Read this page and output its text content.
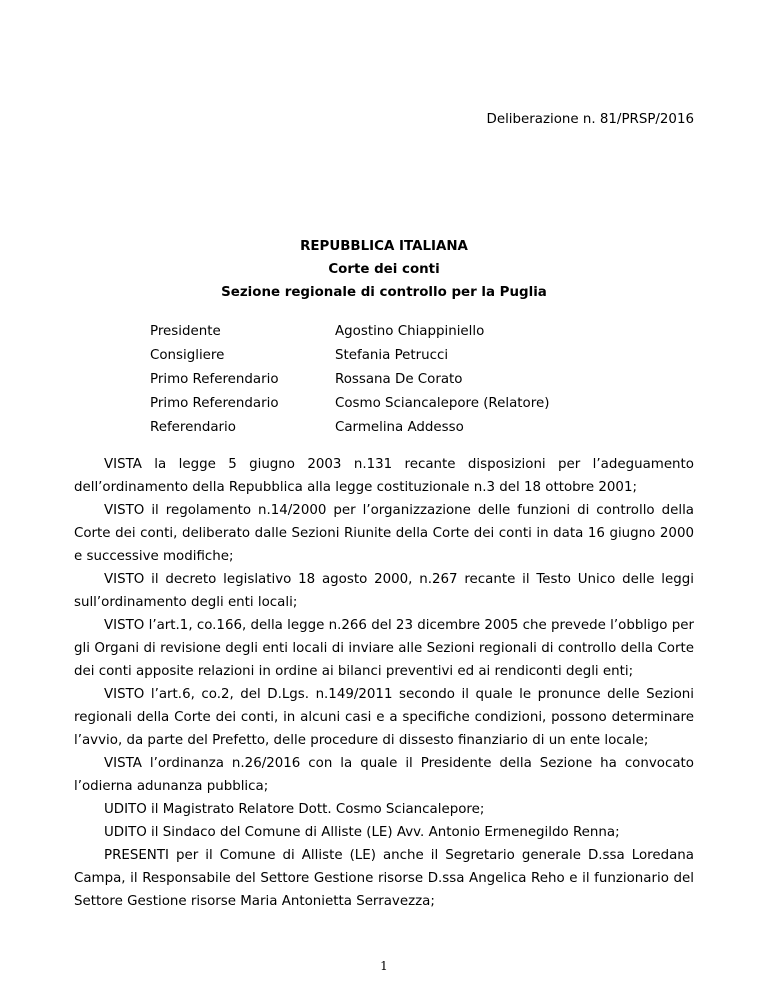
Deliberazione n. 81/PRSP/2016
REPUBBLICA ITALIANA
Corte dei conti
Sezione regionale di controllo per la Puglia
Presidente	Agostino Chiappiniello
Consigliere	Stefania Petrucci
Primo Referendario	Rossana De Corato
Primo Referendario	Cosmo Sciancalepore (Relatore)
Referendario	Carmelina Addesso

VISTA la legge 5 giugno 2003 n.131 recante disposizioni per l’adeguamento dell’ordinamento della Repubblica alla legge costituzionale n.3 del 18 ottobre 2001;

VISTO il regolamento n.14/2000 per l’organizzazione delle funzioni di controllo della Corte dei conti, deliberato dalle Sezioni Riunite della Corte dei conti in data 16 giugno 2000 e successive modifiche;

VISTO il decreto legislativo 18 agosto 2000, n.267 recante il Testo Unico delle leggi sull’ordinamento degli enti locali;

VISTO l’art.1, co.166, della legge n.266 del 23 dicembre 2005 che prevede l’obbligo per gli Organi di revisione degli enti locali di inviare alle Sezioni regionali di controllo della Corte dei conti apposite relazioni in ordine ai bilanci preventivi ed ai rendiconti degli enti;

VISTO l’art.6, co.2, del D.Lgs. n.149/2011 secondo il quale le pronunce delle Sezioni regionali della Corte dei conti, in alcuni casi e a specifiche condizioni, possono determinare l’avvio, da parte del Prefetto, delle procedure di dissesto finanziario di un ente locale;

VISTA l’ordinanza n.26/2016 con la quale il Presidente della Sezione ha convocato l’odierna adunanza pubblica;

UDITO il Magistrato Relatore Dott. Cosmo Sciancalepore;

UDITO il Sindaco del Comune di Alliste (LE) Avv. Antonio Ermenegildo Renna;

PRESENTI per il Comune di Alliste (LE) anche il Segretario generale D.ssa Loredana Campa, il Responsabile del Settore Gestione risorse D.ssa Angelica Reho e il funzionario del Settore Gestione risorse Maria Antonietta Serravezza;

1
